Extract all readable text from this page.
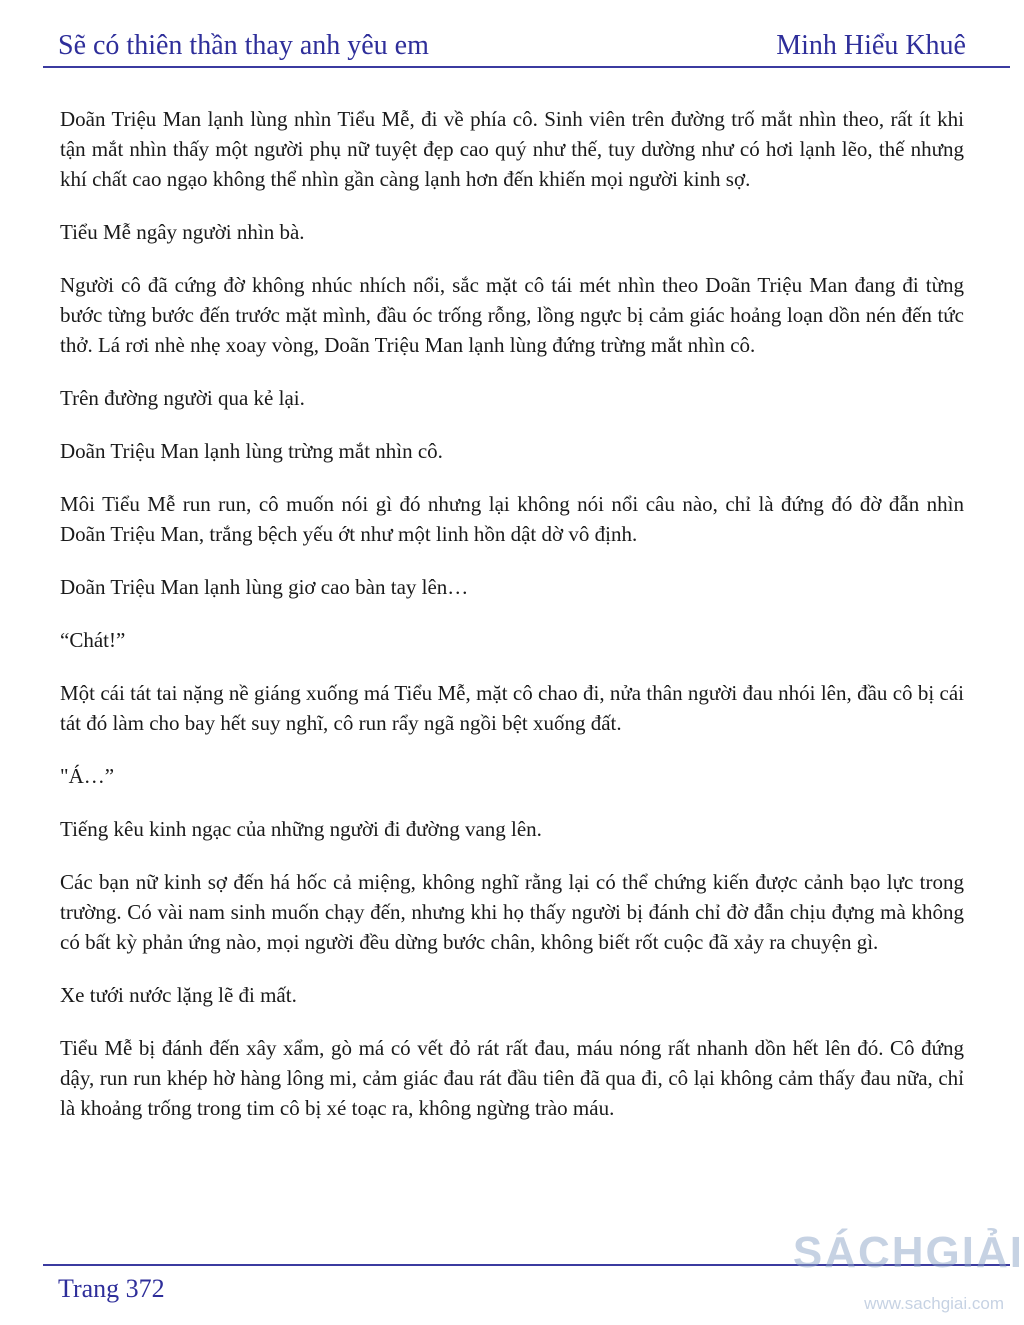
Sẽ có thiên thần thay anh yêu em	Minh Hiểu Khuê

Doãn Triệu Man lạnh lùng nhìn Tiểu Mễ, đi về phía cô. Sinh viên trên đường trố mắt nhìn theo, rất ít khi tận mắt nhìn thấy một người phụ nữ tuyệt đẹp cao quý như thế, tuy dường như có hơi lạnh lẽo, thế nhưng khí chất cao ngạo không thể nhìn gần càng lạnh hơn đến khiến mọi người kinh sợ.

Tiểu Mễ ngây người nhìn bà.

Người cô đã cứng đờ không nhúc nhích nổi, sắc mặt cô tái mét nhìn theo Doãn Triệu Man đang đi từng bước từng bước đến trước mặt mình, đầu óc trống rỗng, lồng ngực bị cảm giác hoảng loạn dồn nén đến tức thở. Lá rơi nhè nhẹ xoay vòng, Doãn Triệu Man lạnh lùng đứng trừng mắt nhìn cô.

Trên đường người qua kẻ lại.

Doãn Triệu Man lạnh lùng trừng mắt nhìn cô.

Môi Tiểu Mễ run run, cô muốn nói gì đó nhưng lại không nói nổi câu nào, chỉ là đứng đó đờ đẫn nhìn Doãn Triệu Man, trắng bệch yếu ớt như một linh hồn dật dờ vô định.

Doãn Triệu Man lạnh lùng giơ cao bàn tay lên…

“Chát!”

Một cái tát tai nặng nề giáng xuống má Tiểu Mễ, mặt cô chao đi, nửa thân người đau nhói lên, đầu cô bị cái tát đó làm cho bay hết suy nghĩ, cô run rẩy ngã ngồi bệt xuống đất.

"Á…”

Tiếng kêu kinh ngạc của những người đi đường vang lên.

Các bạn nữ kinh sợ đến há hốc cả miệng, không nghĩ rằng lại có thể chứng kiến được cảnh bạo lực trong trường. Có vài nam sinh muốn chạy đến, nhưng khi họ thấy người bị đánh chỉ đờ đẫn chịu đựng mà không có bất kỳ phản ứng nào, mọi người đều dừng bước chân, không biết rốt cuộc đã xảy ra chuyện gì.

Xe tưới nước lặng lẽ đi mất.

Tiểu Mễ bị đánh đến xây xẩm, gò má có vết đỏ rát rất đau, máu nóng rất nhanh dồn hết lên đó. Cô đứng dậy, run run khép hờ hàng lông mi, cảm giác đau rát đầu tiên đã qua đi, cô lại không cảm thấy đau nữa, chỉ là khoảng trống trong tim cô bị xé toạc ra, không ngừng trào máu.

Trang 372
SÁCHGIẢI
www.sachgiai.com
